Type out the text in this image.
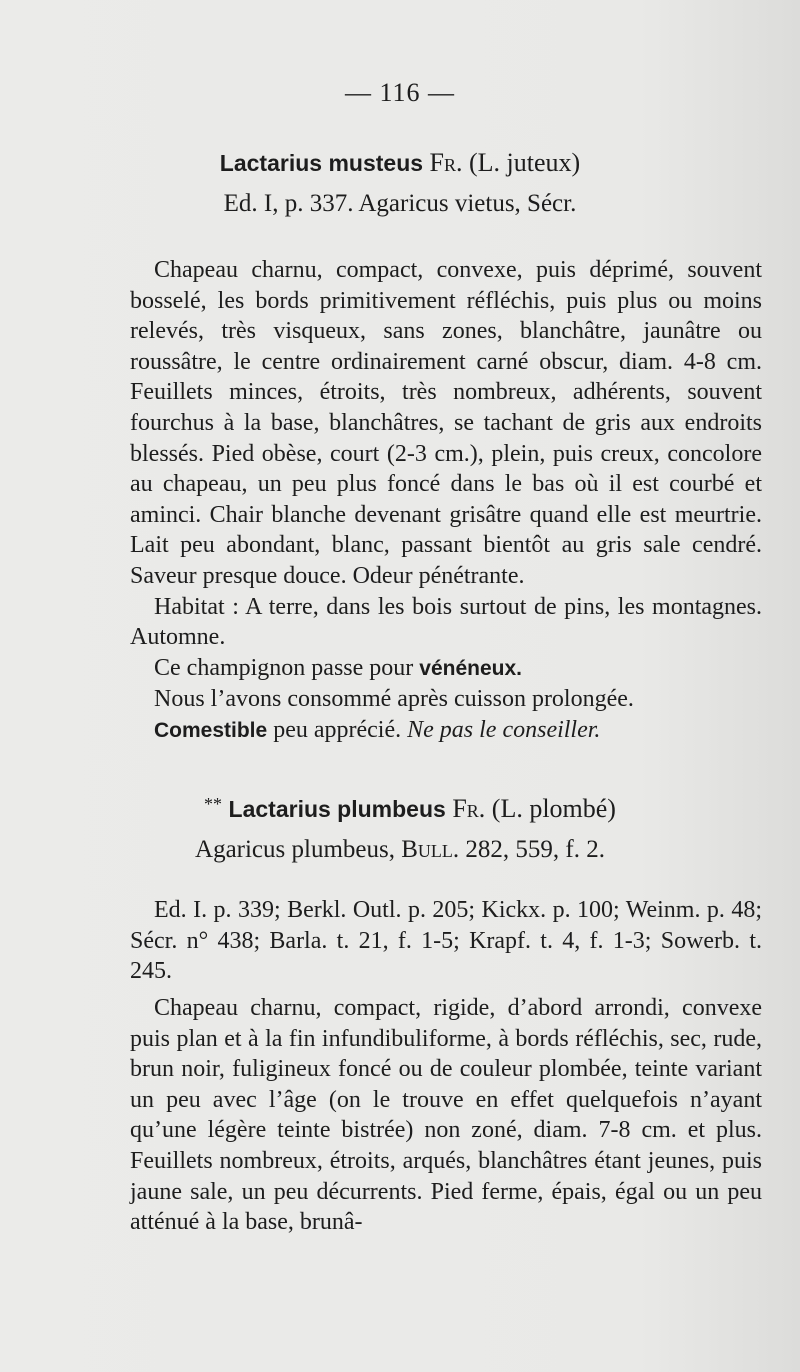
— 116 —
Lactarius musteus Fr. (L. juteux)
Ed. I, p. 337. Agaricus vietus, Sécr.

Chapeau charnu, compact, convexe, puis déprimé, souvent bosselé, les bords primitivement réfléchis, puis plus ou moins relevés, très visqueux, sans zones, blanchâtre, jaunâtre ou roussâtre, le centre ordinairement carné obscur, diam. 4-8 cm. Feuillets minces, étroits, très nombreux, adhérents, souvent fourchus à la base, blanchâtres, se tachant de gris aux endroits blessés. Pied obèse, court (2-3 cm.), plein, puis creux, concolore au chapeau, un peu plus foncé dans le bas où il est courbé et aminci. Chair blanche devenant grisâtre quand elle est meurtrie. Lait peu abondant, blanc, passant bientôt au gris sale cendré. Saveur presque douce. Odeur pénétrante.

Habitat : A terre, dans les bois surtout de pins, les montagnes. Automne.

Ce champignon passe pour vénéneux.

Nous l’avons consommé après cuisson prolongée.

Comestible peu apprécié. Ne pas le conseiller.

** Lactarius plumbeus Fr. (L. plombé)
Agaricus plumbeus, Bull. 282, 559, f. 2.

Ed. I. p. 339; Berkl. Outl. p. 205; Kickx. p. 100; Weinm. p. 48; Sécr. n° 438; Barla. t. 21, f. 1-5; Krapf. t. 4, f. 1-3; Sowerb. t. 245.

Chapeau charnu, compact, rigide, d’abord arrondi, convexe puis plan et à la fin infundibuliforme, à bords réfléchis, sec, rude, brun noir, fuligineux foncé ou de couleur plombée, teinte variant un peu avec l’âge (on le trouve en effet quelquefois n’ayant qu’une légère teinte bistrée) non zoné, diam. 7-8 cm. et plus. Feuillets nombreux, étroits, arqués, blanchâtres étant jeunes, puis jaune sale, un peu décurrents. Pied ferme, épais, égal ou un peu atténué à la base, brunâ-
